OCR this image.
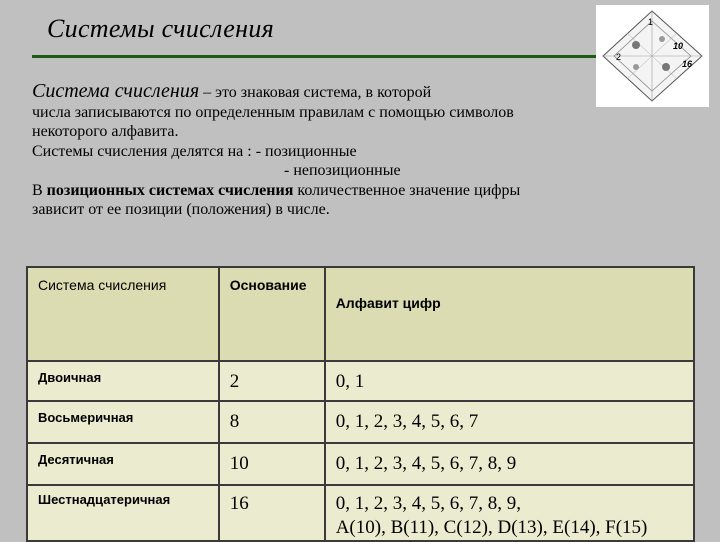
Системы счисления	1
2
10
16
Система счисления – это знаковая система, в которой
числа записываются по определенным правилам с помощью символов
некоторого алфавита.
Системы счисления делятся на : - позиционные
- непозиционные
В позиционных системах счисления количественное значение цифры
зависит от ее позиции (положения) в числе.
Система счисления	Основание	Алфавит цифр
Двоичная	2	0, 1
Восьмеричная	8	0, 1, 2, 3, 4, 5, 6, 7
Десятичная	10	0, 1, 2, 3, 4, 5, 6, 7, 8, 9
Шестнадцатеричная	16	0, 1, 2, 3, 4, 5, 6, 7, 8, 9,
A(10), B(11), C(12), D(13), E(14), F(15)
